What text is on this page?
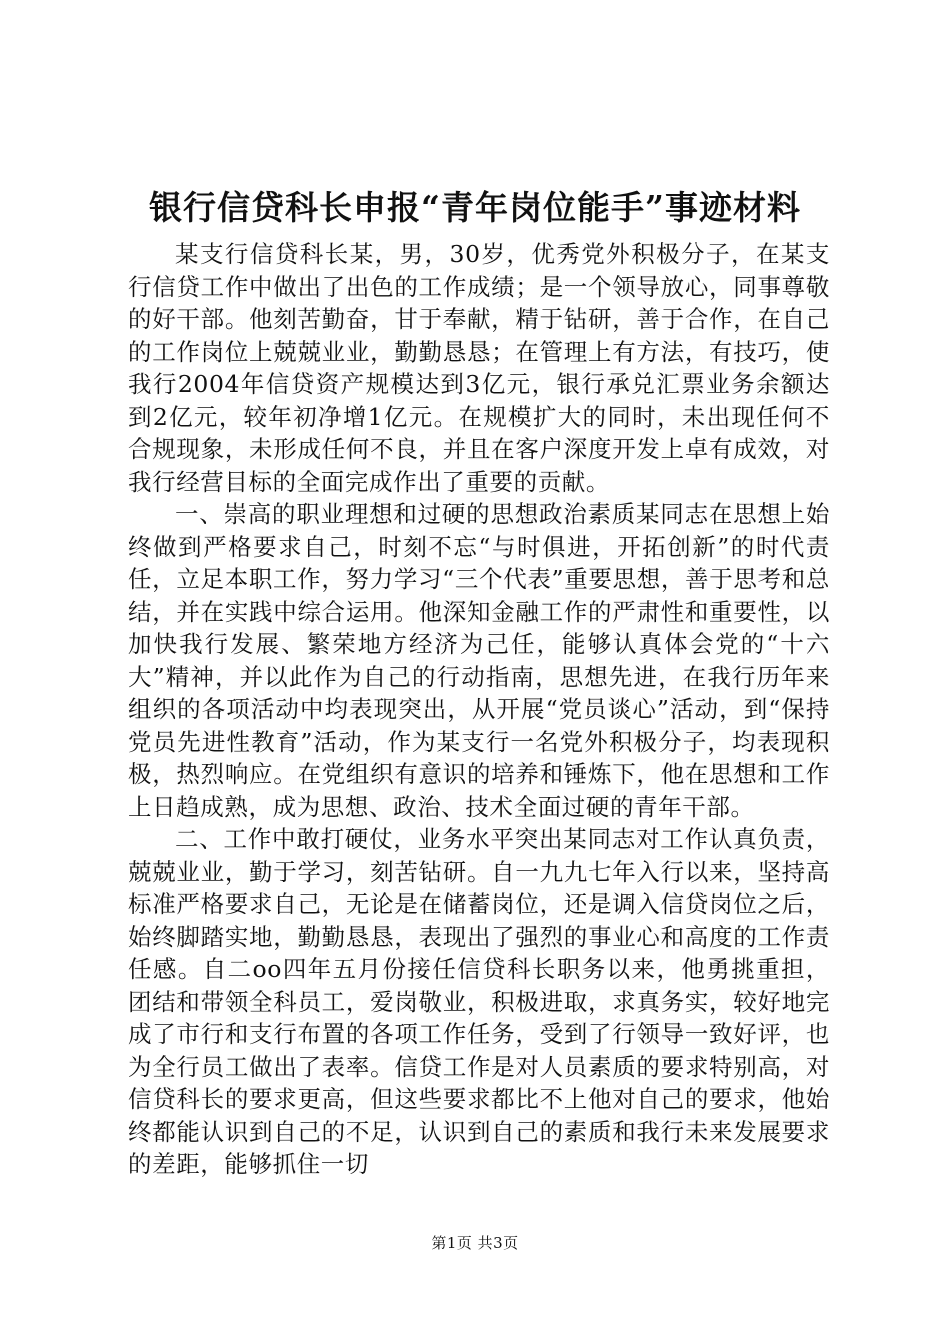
银行信贷科长申报“青年岗位能手”事迹材料

某支行信贷科长某，男，30岁，优秀党外积极分子，在某支行信贷工作中做出了出色的工作成绩；是一个领导放心，同事尊敬的好干部。他刻苦勤奋，甘于奉献，精于钻研，善于合作，在自己的工作岗位上兢兢业业，勤勤恳恳；在管理上有方法，有技巧，使我行2004年信贷资产规模达到3亿元，银行承兑汇票业务余额达到2亿元，较年初净增1亿元。在规模扩大的同时，未出现任何不合规现象，未形成任何不良，并且在客户深度开发上卓有成效，对我行经营目标的全面完成作出了重要的贡献。

一、崇高的职业理想和过硬的思想政治素质某同志在思想上始终做到严格要求自己，时刻不忘“与时俱进，开拓创新”的时代责任，立足本职工作，努力学习“三个代表”重要思想，善于思考和总结，并在实践中综合运用。他深知金融工作的严肃性和重要性，以加快我行发展、繁荣地方经济为己任，能够认真体会党的“十六大”精神，并以此作为自己的行动指南，思想先进，在我行历年来组织的各项活动中均表现突出，从开展“党员谈心”活动，到“保持党员先进性教育”活动，作为某支行一名党外积极分子，均表现积极，热烈响应。在党组织有意识的培养和锤炼下，他在思想和工作上日趋成熟，成为思想、政治、技术全面过硬的青年干部。

二、工作中敢打硬仗，业务水平突出某同志对工作认真负责，兢兢业业，勤于学习，刻苦钻研。自一九九七年入行以来，坚持高标准严格要求自己，无论是在储蓄岗位，还是调入信贷岗位之后，始终脚踏实地，勤勤恳恳，表现出了强烈的事业心和高度的工作责任感。自二oo四年五月份接任信贷科长职务以来，他勇挑重担，团结和带领全科员工，爱岗敬业，积极进取，求真务实，较好地完成了市行和支行布置的各项工作任务，受到了行领导一致好评，也为全行员工做出了表率。信贷工作是对人员素质的要求特别高，对信贷科长的要求更高，但这些要求都比不上他对自己的要求，他始终都能认识到自己的不足，认识到自己的素质和我行未来发展要求的差距，能够抓住一切

第1页 共3页
